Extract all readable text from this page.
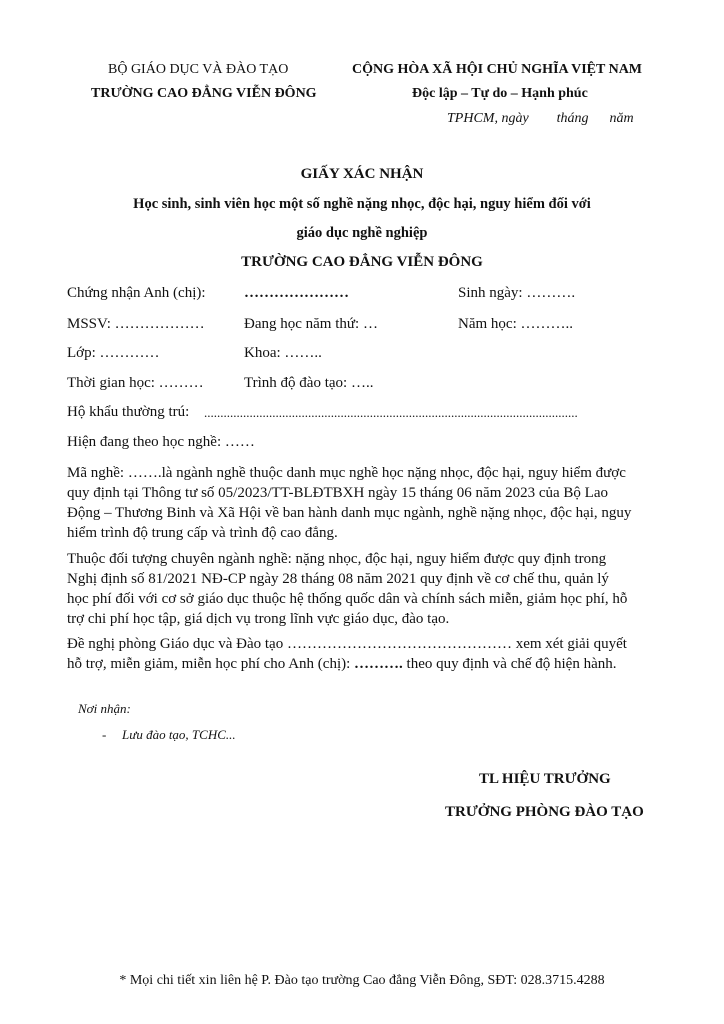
BỘ GIÁO DỤC VÀ ĐÀO TẠO
TRƯỜNG CAO ĐẲNG VIỄN ĐÔNG
CỘNG HÒA XÃ HỘI CHỦ NGHĨA VIỆT NAM
Độc lập – Tự do – Hạnh phúc
TPHCM, ngày        tháng      năm
GIẤY XÁC NHẬN
Học sinh, sinh viên học một số nghề nặng nhọc, độc hại, nguy hiểm đối với
giáo dục nghề nghiệp
TRƯỜNG CAO ĐẲNG VIỄN ĐÔNG
Chứng nhận Anh (chị):	…………………	Sinh ngày: ……….
MSSV: ………………	Đang học năm thứ: …	Năm học: ………..
Lớp: …………	Khoa: ……..
Thời gian học: ………	Trình độ đào tạo: …..
Hộ khẩu thường trú: ...................................................................................................................
Hiện đang theo học nghề: ……
Mã nghề: …….là ngành nghề thuộc danh mục nghề học nặng nhọc, độc hại, nguy hiểm được
quy định tại Thông tư số 05/2023/TT-BLĐTBXH ngày 15 tháng 06 năm 2023 của Bộ Lao
Động – Thương Binh và Xã Hội về ban hành danh mục ngành, nghề nặng nhọc, độc hại, nguy
hiểm trình độ trung cấp và trình độ cao đẳng.
Thuộc đối tượng chuyên ngành nghề: nặng nhọc, độc hại, nguy hiểm được quy định trong
Nghị định số 81/2021 NĐ-CP ngày 28 tháng 08 năm 2021 quy định về cơ chế thu, quản lý
học phí đối với cơ sở giáo dục thuộc hệ thống quốc dân và chính sách miễn, giảm học phí, hỗ
trợ chi phí học tập, giá dịch vụ trong lĩnh vực giáo dục, đào tạo.
Đề nghị phòng Giáo dục và Đào tạo ……………………………………… xem xét giải quyết
hỗ trợ, miễn giảm, miễn học phí cho Anh (chị): ………. theo quy định và chế độ hiện hành.
Nơi nhận:
- Lưu đào tạo, TCHC...
TL HIỆU TRƯỞNG
TRƯỞNG PHÒNG ĐÀO TẠO
* Mọi chi tiết xin liên hệ P. Đào tạo trường Cao đẳng Viễn Đông, SĐT: 028.3715.4288
